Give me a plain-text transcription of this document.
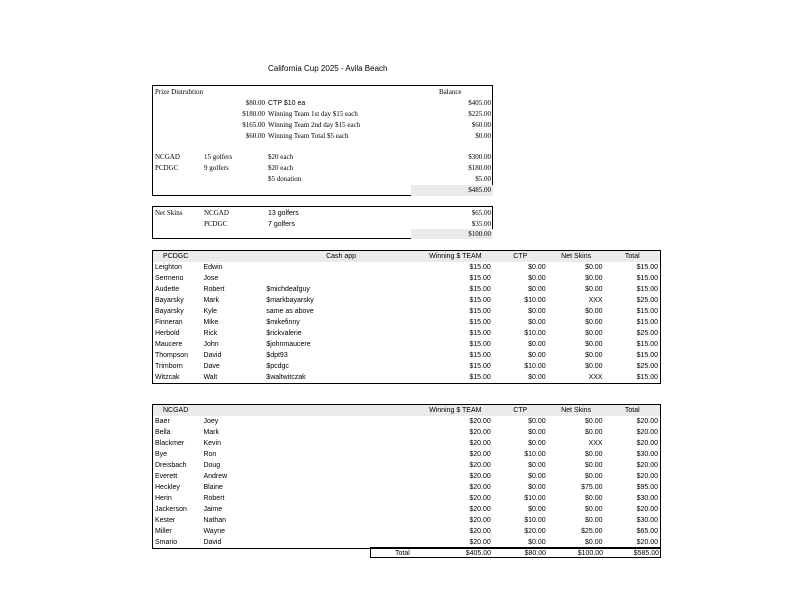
California Cup 2025 - Avila Beach
Prize Distrubtion	Balance
$80.00 CTP $10 ea	$405.00
$180.00 Winning Team 1st day $15 each	$225.00
$165.00 Winning Team 2nd day $15 each	$60.00
$60.00 Winning Team Total $5 each	$0.00
NCGAD	15 golfers	$20 each	$300.00
PCDGC	9 golfers	$20 each	$180.00
$5 donation	$5.00
$485.00
Net Skins	NCGAD	13 golfers	$65.00
PCDGC	7 golfers	$35.00
$100.00
PCDGC		Cash app	Winning $ TEAM	CTP	Net Skins	Total
Leighton	Edwin		$15.00	$0.00	$0.00	$15.00
Sermeno	Jose		$15.00	$0.00	$0.00	$15.00
Audette	Robert	$michdeafguy	$15.00	$0.00	$0.00	$15.00
Bayarsky	Mark	$markbayarsky	$15.00	$10.00	XXX	$25.00
Bayarsky	Kyle	same as above	$15.00	$0.00	$0.00	$15.00
Finneran	Mike	$mikefinny	$15.00	$0.00	$0.00	$15.00
Herbold	Rick	$rickvalerie	$15.00	$10.00	$0.00	$25.00
Maucere	John	$johnmaucere	$15.00	$0.00	$0.00	$15.00
Thompson	David	$dpt93	$15.00	$0.00	$0.00	$15.00
Trimborn	Dave	$pcdgc	$15.00	$10.00	$0.00	$25.00
Witzcak	Walt	$waltwitczak	$15.00	$0.00	XXX	$15.00
NCGAD			Winning $ TEAM	CTP	Net Skins	Total
Baer	Joey		$20.00	$0.00	$0.00	$20.00
Bella	Mark		$20.00	$0.00	$0.00	$20.00
Blackmer	Kevin		$20.00	$0.00	XXX	$20.00
Bye	Ron		$20.00	$10.00	$0.00	$30.00
Dreisbach	Doug		$20.00	$0.00	$0.00	$20.00
Everett	Andrew		$20.00	$0.00	$0.00	$20.00
Heckley	Blaine		$20.00	$0.00	$75.00	$95.00
Herin	Robert		$20.00	$10.00	$0.00	$30.00
Jackerson	Jaime		$20.00	$0.00	$0.00	$20.00
Kester	Nathan		$20.00	$10.00	$0.00	$30.00
Miller	Wayne		$20.00	$20.00	$25.00	$65.00
Smario	David		$20.00	$0.00	$0.00	$20.00
Total	$405.00	$80.00	$100.00	$585.00
